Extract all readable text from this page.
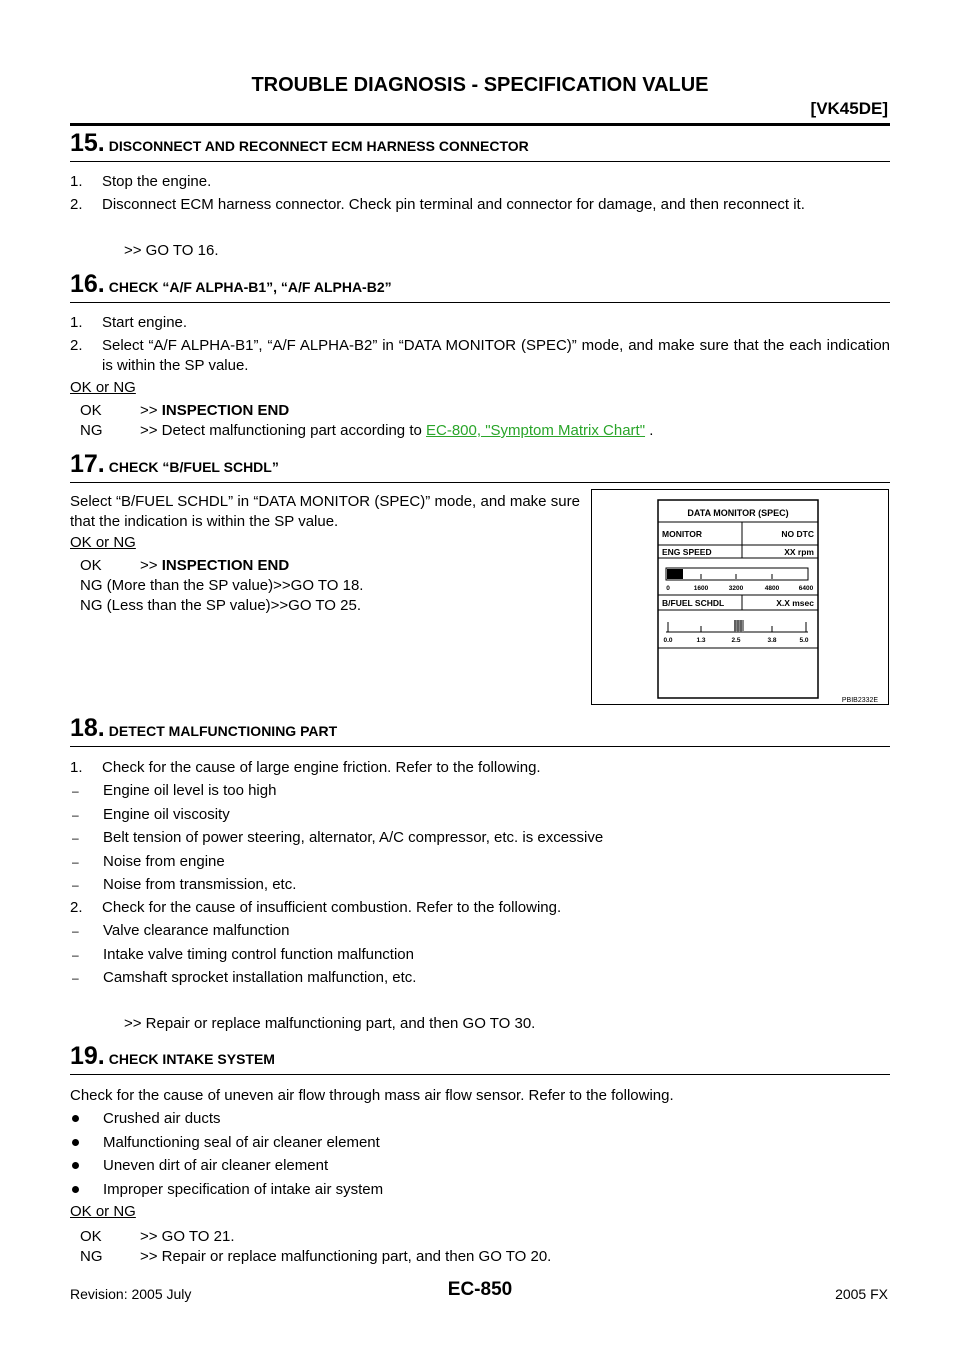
TROUBLE DIAGNOSIS - SPECIFICATION VALUE
[VK45DE]
15. DISCONNECT AND RECONNECT ECM HARNESS CONNECTOR
1. Stop the engine.
2. Disconnect ECM harness connector. Check pin terminal and connector for damage, and then reconnect it.
>> GO TO 16.
16. CHECK “A/F ALPHA-B1”, “A/F ALPHA-B2”
1. Start engine.
2. Select “A/F ALPHA-B1”, “A/F ALPHA-B2” in “DATA MONITOR (SPEC)” mode, and make sure that the each indication is within the SP value.
OK or NG
OK	>> INSPECTION END
NG	>> Detect malfunctioning part according to EC-800, "Symptom Matrix Chart" .
17. CHECK “B/FUEL SCHDL”
Select “B/FUEL SCHDL” in “DATA MONITOR (SPEC)” mode, and make sure that the indication is within the SP value.
OK or NG
OK	>> INSPECTION END
NG (More than the SP value)>>GO TO 18.
NG (Less than the SP value)>>GO TO 25.
DATA MONITOR (SPEC)
MONITOR	NO DTC
ENG SPEED	XX rpm
0	1600	3200	4800	6400
B/FUEL SCHDL	X.X msec
0.0	1.3	2.5	3.8	5.0
PBIB2332E
18. DETECT MALFUNCTIONING PART
1. Check for the cause of large engine friction. Refer to the following.
– Engine oil level is too high
– Engine oil viscosity
– Belt tension of power steering, alternator, A/C compressor, etc. is excessive
– Noise from engine
– Noise from transmission, etc.
2. Check for the cause of insufficient combustion. Refer to the following.
– Valve clearance malfunction
– Intake valve timing control function malfunction
– Camshaft sprocket installation malfunction, etc.
>> Repair or replace malfunctioning part, and then GO TO 30.
19. CHECK INTAKE SYSTEM
Check for the cause of uneven air flow through mass air flow sensor. Refer to the following.
Crushed air ducts
Malfunctioning seal of air cleaner element
Uneven dirt of air cleaner element
Improper specification of intake air system
OK or NG
OK	>> GO TO 21.
NG	>> Repair or replace malfunctioning part, and then GO TO 20.
Revision: 2005 July	EC-850	2005 FX
